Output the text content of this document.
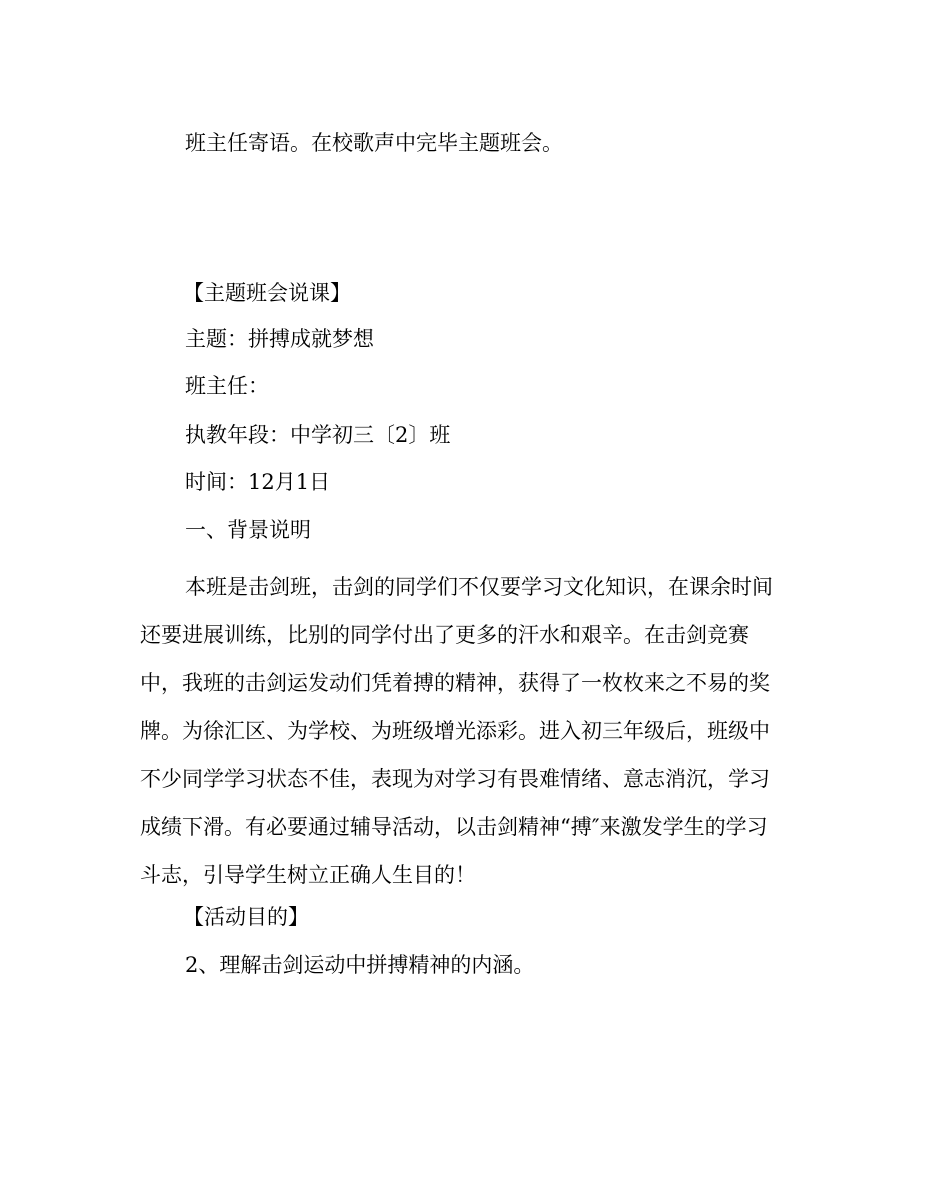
班主任寄语。在校歌声中完毕主题班会。
【主题班会说课】
主题：拼搏成就梦想
班主任：
执教年段：中学初三〔2〕班
时间：12月1日
一、背景说明
本班是击剑班，击剑的同学们不仅要学习文化知识，在课余时间
还要进展训练，比别的同学付出了更多的汗水和艰辛。在击剑竞赛
中，我班的击剑运发动们凭着搏的精神，获得了一枚枚来之不易的奖
牌。为徐汇区、为学校、为班级增光添彩。进入初三年级后，班级中
不少同学学习状态不佳，表现为对学习有畏难情绪、意志消沉，学习
成绩下滑。有必要通过辅导活动，以击剑精神“搏″来激发学生的学习
斗志，引导学生树立正确人生目的！
【活动目的】
2、理解击剑运动中拼搏精神的内涵。
